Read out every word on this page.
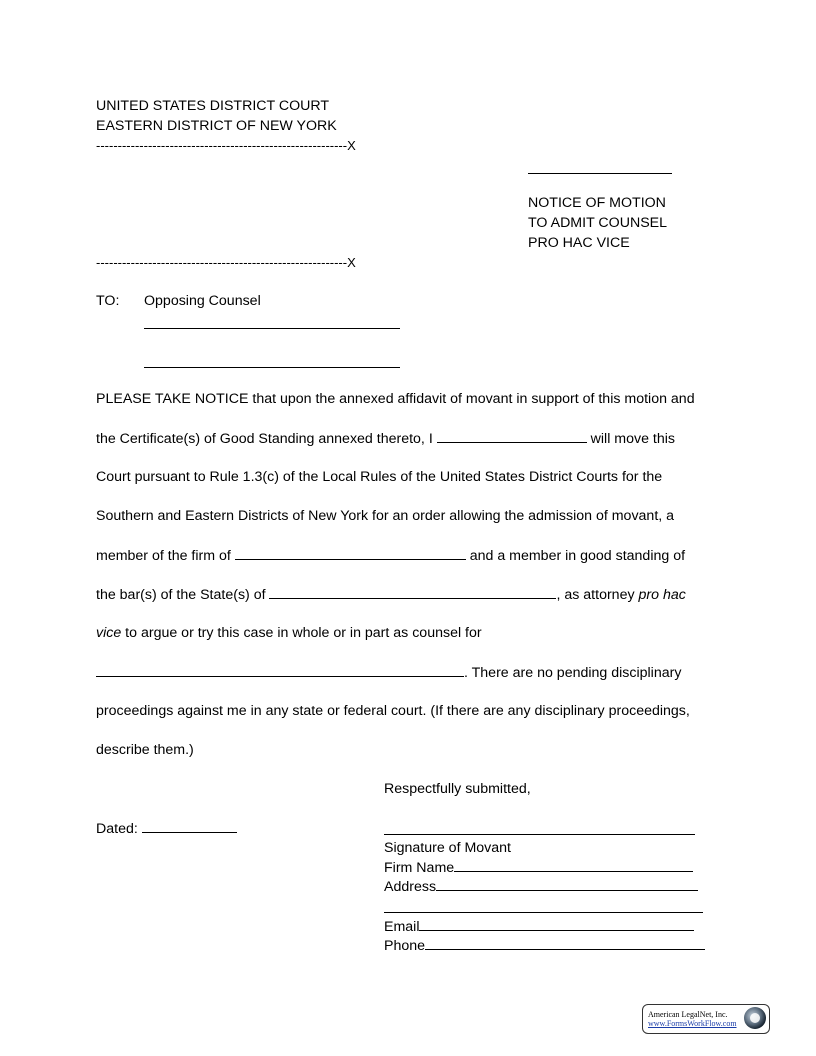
UNITED STATES DISTRICT COURT
EASTERN DISTRICT OF NEW YORK
----------------------------------------------------------X
NOTICE OF MOTION
TO ADMIT COUNSEL
PRO HAC VICE
----------------------------------------------------------X
TO: Opposing Counsel
PLEASE TAKE NOTICE that upon the annexed affidavit of movant in support of this motion and
the Certificate(s) of Good Standing annexed thereto, I	will move this
Court pursuant to Rule 1.3(c) of the Local Rules of the United States District Courts for the
Southern and Eastern Districts of New York for an order allowing the admission of movant, a
member of the firm of	and a member in good standing of
the bar(s) of the State(s) of	, as attorney pro hac
vice to argue or try this case in whole or in part as counsel for
. There are no pending disciplinary
proceedings against me in any state or federal court. (If there are any disciplinary proceedings,
describe them.)
Respectfully submitted,
Dated:
Signature of Movant
Firm Name
Address
Email
Phone
American LegalNet, Inc.
www.FormsWorkFlow.com
